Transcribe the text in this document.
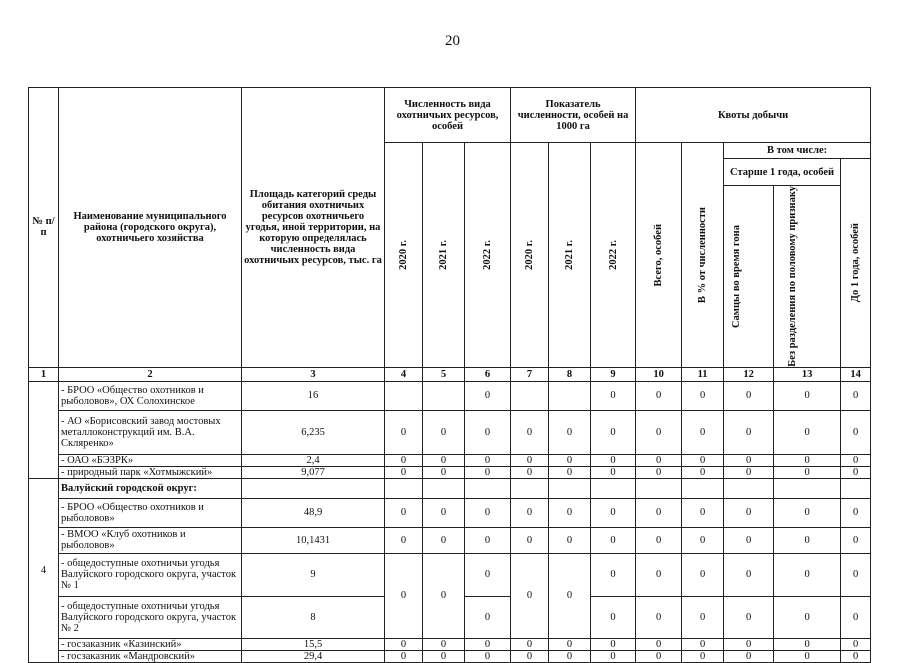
20
№ п/п	Наименование муниципального района (городского округа), охотничьего хозяйства	Площадь категорий среды обитания охотничьих ресурсов охотничьего угодья, иной территории, на которую определялась численность вида охотничьих ресурсов, тыс. га	Численность вида охотничьих ресурсов, особей			Показатель численности, особей на 1000 га			Квоты добычи				

			2020 г.	2021 г.	2022 г.	2020 г.	2021 г.	2022 г.	Всего, особей	В % от численности	В том числе:		
											Старше 1 года, особей		До 1 года, особей

											Самцы во время гона	Без разделения по половому признаку	

1	2	3	4	5	6	7	8	9	10	11	12	13	14
	- БРОО «Общество охотников и рыболовов», ОХ Солохинское	16			0			0	0	0	0	0	0
	- АО «Борисовский завод мостовых металлоконструкций им. В.А. Скляренко»	6,235	0	0	0	0	0	0	0	0	0	0	0
	- ОАО «БЭЗРК»	2,4	0	0	0	0	0	0	0	0	0	0	0
	- природный парк «Хотмыжский»	9,077	0	0	0	0	0	0	0	0	0	0	0
4	Валуйский городской округ:												
	- БРОО «Общество охотников и рыболовов»	48,9	0	0	0	0	0	0	0	0	0	0	0
	- ВМОО «Клуб охотников и рыболовов»	10,1431	0	0	0	0	0	0	0	0	0	0	0
	- общедоступные охотничьи угодья Валуйского городского округа, участок № 1	9	0	0	0	0	0	0	0	0	0	0	0
	- общедоступные охотничьи угодья Валуйского городского округа, участок № 2	8			0			0	0	0	0	0	0
	- госзаказник «Казинский»	15,5	0	0	0	0	0	0	0	0	0	0	0
	- госзаказник «Мандровский»	29,4	0	0	0	0	0	0	0	0	0	0	0
